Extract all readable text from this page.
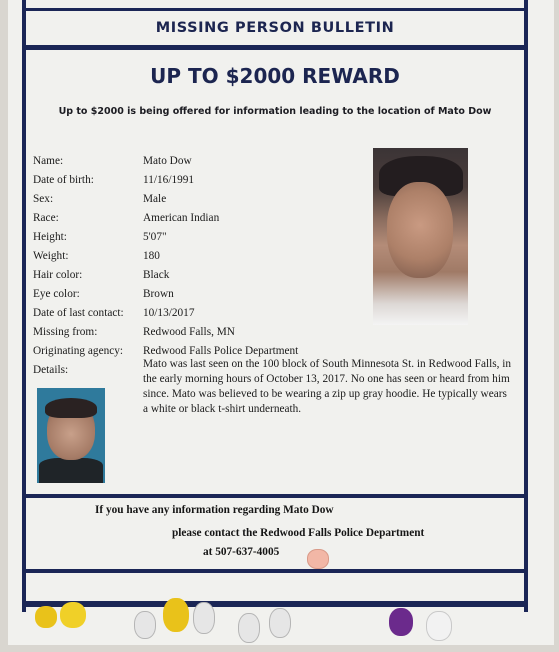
MISSING PERSON BULLETIN
UP TO $2000 REWARD
Up to $2000 is being offered for information leading to the location of Mato Dow
Name:	Mato Dow
Date of birth:	11/16/1991
Sex:	Male
Race:	American Indian
Height:	5'07"
Weight:	180
Hair color:	Black
Eye color:	Brown
Date of last contact: 10/13/2017
Missing from:	Redwood Falls, MN
Originating agency: Redwood Falls Police Department
Details:	Mato was last seen on the 100 block of South Minnesota St. in Redwood Falls, in the early morning hours of October 13, 2017. No one has seen or heard from him since. Mato was believed to be wearing a zip up gray hoodie. He typically wears a white or black t-shirt underneath.
If you have any information regarding Mato Dow
please contact the Redwood Falls Police Department
at 507-637-4005
